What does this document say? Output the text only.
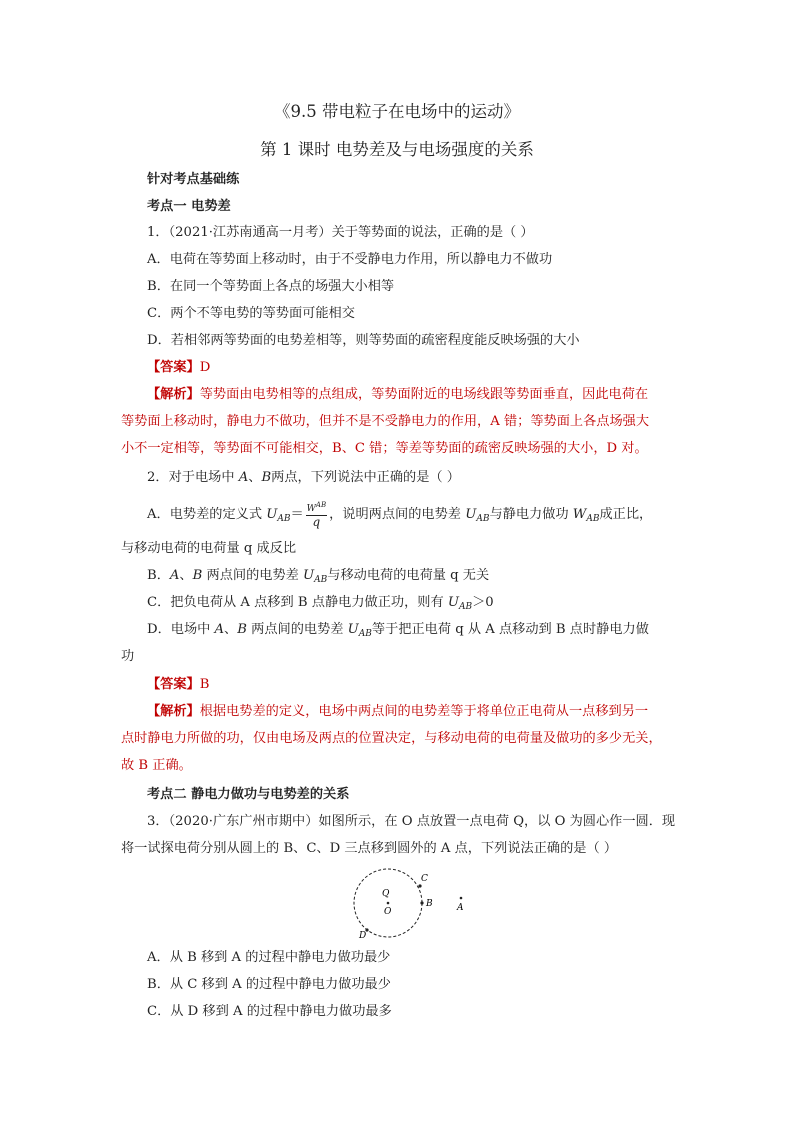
《9.5 带电粒子在电场中的运动》
第 1 课时 电势差及与电场强度的关系
针对考点基础练
考点一 电势差
1．（2021·江苏南通高一月考）关于等势面的说法，正确的是（ ）
A．电荷在等势面上移动时，由于不受静电力作用，所以静电力不做功
B．在同一个等势面上各点的场强大小相等
C．两个不等电势的等势面可能相交
D．若相邻两等势面的电势差相等，则等势面的疏密程度能反映场强的大小
【答案】D
【解析】等势面由电势相等的点组成，等势面附近的电场线跟等势面垂直，因此电荷在
等势面上移动时，静电力不做功，但并不是不受静电力的作用，A 错；等势面上各点场强大
小不一定相等，等势面不可能相交，B、C 错；等差等势面的疏密反映场强的大小，D 对。
2．对于电场中 A、B两点，下列说法中正确的是（ ）
A．电势差的定义式 $U_{AB}= \frac{W^{AB}}{q}$ ，说明两点间的电势差 $U_{AB}$与静电力做功 $W_{AB}$成正比，
与移动电荷的电荷量 q 成反比
B．A、B 两点间的电势差 $U_{AB}$与移动电荷的电荷量 q 无关
C．把负电荷从 A 点移到 B 点静电力做正功，则有 $U_{AB}>0$
D．电场中 A、B 两点间的电势差 $U_{AB}$等于把正电荷 q 从 A 点移动到 B 点时静电力做
功
【答案】B
【解析】根据电势差的定义，电场中两点间的电势差等于将单位正电荷从一点移到另一
点时静电力所做的功，仅由电场及两点的位置决定，与移动电荷的电荷量及做功的多少无关，
故 B 正确。
考点二 静电力做功与电势差的关系
3．（2020·广东广州市期中）如图所示，在 O 点放置一点电荷 Q，以 O 为圆心作一圆．现
将一试探电荷分别从圆上的 B、C、D 三点移到圆外的 A 点，下列说法正确的是（ ）
Q
O
C
B
D
A
A．从 B 移到 A 的过程中静电力做功最少
B．从 C 移到 A 的过程中静电力做功最少
C．从 D 移到 A 的过程中静电力做功最多
